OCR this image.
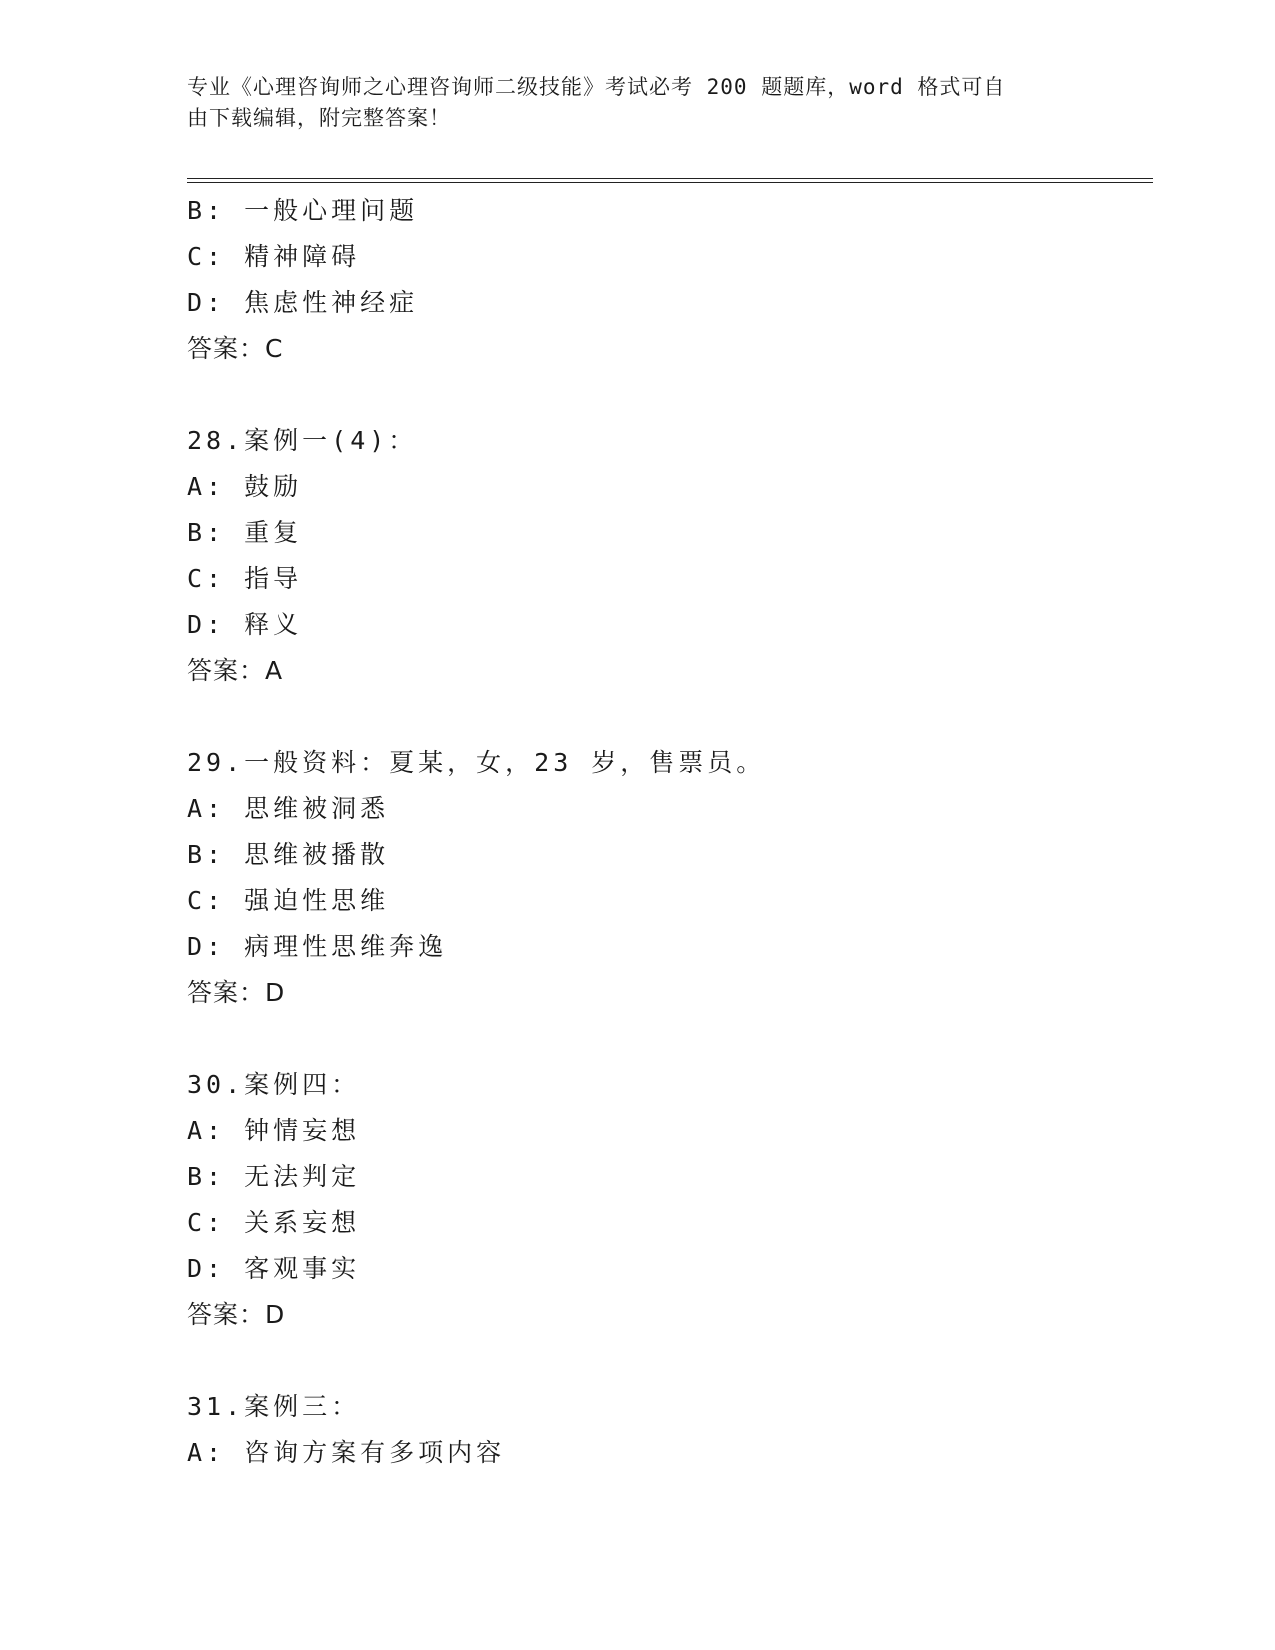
专业《心理咨询师之心理咨询师二级技能》考试必考 200 题题库，word 格式可自
由下载编辑，附完整答案！
B: 一般心理问题
C: 精神障碍
D: 焦虑性神经症
答案：C
28.案例一(4)：
A: 鼓励
B: 重复
C: 指导
D: 释义
答案：A
29.一般资料：夏某，女，23 岁，售票员。
A: 思维被洞悉
B: 思维被播散
C: 强迫性思维
D: 病理性思维奔逸
答案：D
30.案例四：
A: 钟情妄想
B: 无法判定
C: 关系妄想
D: 客观事实
答案：D
31.案例三：
A: 咨询方案有多项内容
